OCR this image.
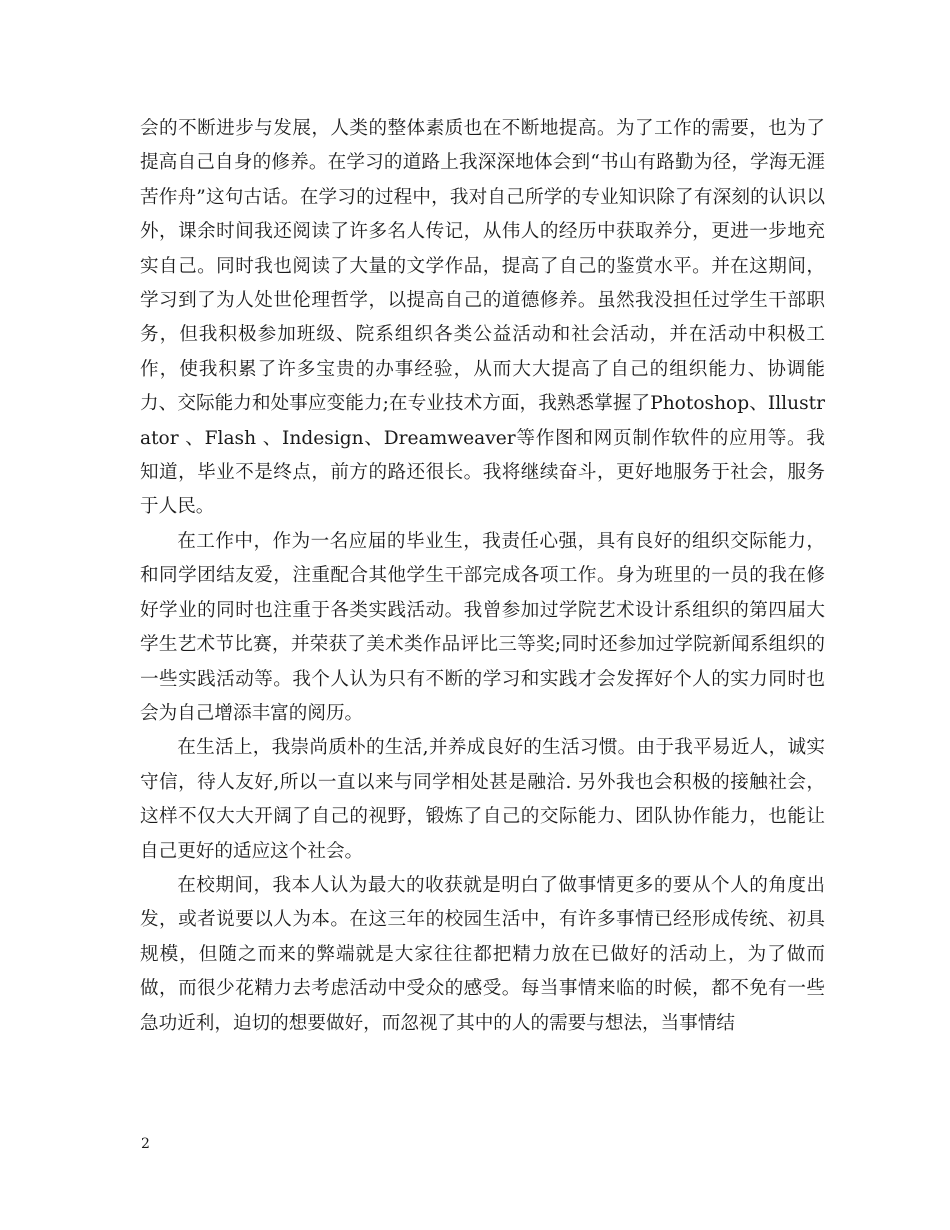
会的不断进步与发展，人类的整体素质也在不断地提高。为了工作的需要，也为了提高自己自身的修养。在学习的道路上我深深地体会到“书山有路勤为径，学海无涯苦作舟”这句古话。在学习的过程中，我对自己所学的专业知识除了有深刻的认识以外，课余时间我还阅读了许多名人传记，从伟人的经历中获取养分，更进一步地充实自己。同时我也阅读了大量的文学作品，提高了自己的鉴赏水平。并在这期间，学习到了为人处世伦理哲学，以提高自己的道德修养。虽然我没担任过学生干部职务，但我积极参加班级、院系组织各类公益活动和社会活动，并在活动中积极工作，使我积累了许多宝贵的办事经验，从而大大提高了自己的组织能力、协调能力、交际能力和处事应变能力;在专业技术方面，我熟悉掌握了Photoshop、Illustrator 、Flash 、Indesign、Dreamweaver等作图和网页制作软件的应用等。我知道，毕业不是终点，前方的路还很长。我将继续奋斗，更好地服务于社会，服务于人民。

在工作中，作为一名应届的毕业生，我责任心强，具有良好的组织交际能力，和同学团结友爱，注重配合其他学生干部完成各项工作。身为班里的一员的我在修好学业的同时也注重于各类实践活动。我曾参加过学院艺术设计系组织的第四届大学生艺术节比赛，并荣获了美术类作品评比三等奖;同时还参加过学院新闻系组织的一些实践活动等。我个人认为只有不断的学习和实践才会发挥好个人的实力同时也会为自己增添丰富的阅历。

在生活上，我崇尚质朴的生活,并养成良好的生活习惯。由于我平易近人，诚实守信，待人友好,所以一直以来与同学相处甚是融洽. 另外我也会积极的接触社会，这样不仅大大开阔了自己的视野，锻炼了自己的交际能力、团队协作能力，也能让自己更好的适应这个社会。

在校期间，我本人认为最大的收获就是明白了做事情更多的要从个人的角度出发，或者说要以人为本。在这三年的校园生活中，有许多事情已经形成传统、初具规模，但随之而来的弊端就是大家往往都把精力放在已做好的活动上，为了做而做，而很少花精力去考虑活动中受众的感受。每当事情来临的时候，都不免有一些急功近利，迫切的想要做好，而忽视了其中的人的需要与想法，当事情结

2
